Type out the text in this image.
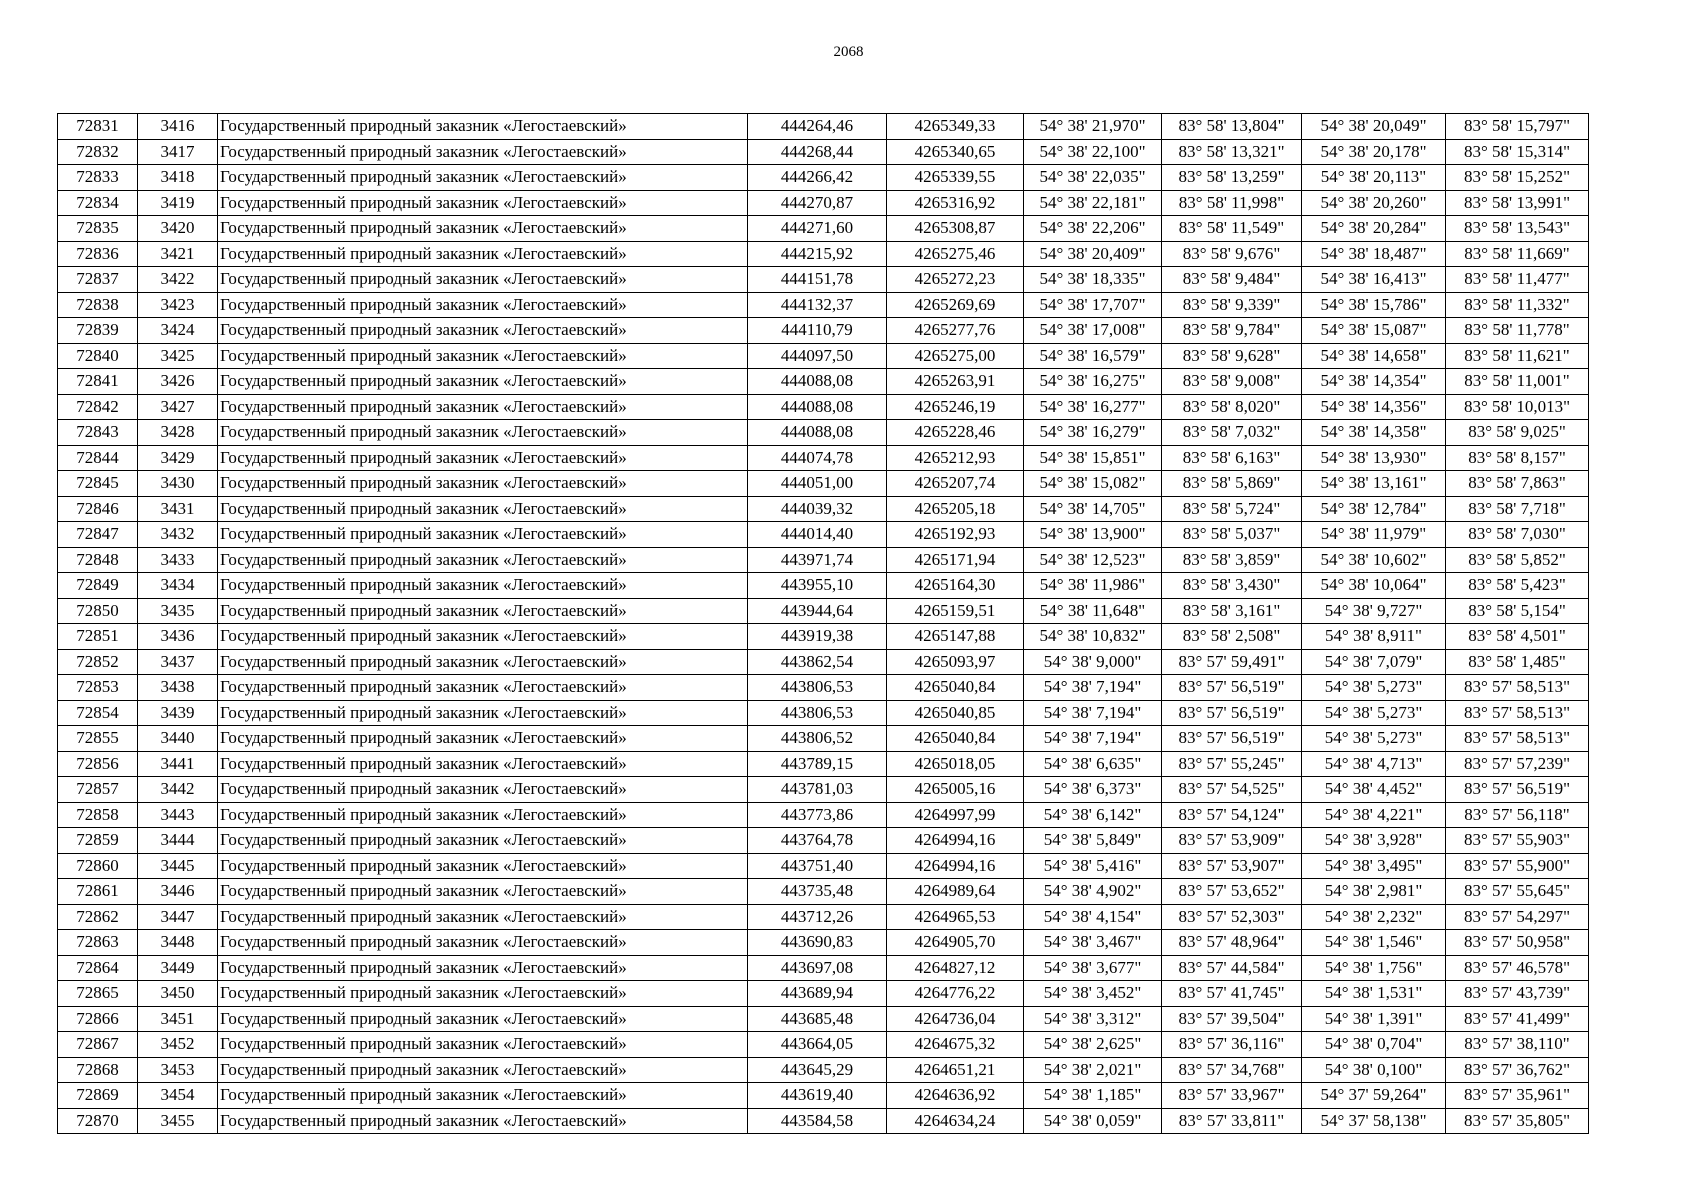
2068
72831	3416	Государственный природный заказник «Легостаевский»	444264,46	4265349,33	54° 38' 21,970"	83° 58' 13,804"	54° 38' 20,049"	83° 58' 15,797"
72832	3417	Государственный природный заказник «Легостаевский»	444268,44	4265340,65	54° 38' 22,100"	83° 58' 13,321"	54° 38' 20,178"	83° 58' 15,314"
72833	3418	Государственный природный заказник «Легостаевский»	444266,42	4265339,55	54° 38' 22,035"	83° 58' 13,259"	54° 38' 20,113"	83° 58' 15,252"
72834	3419	Государственный природный заказник «Легостаевский»	444270,87	4265316,92	54° 38' 22,181"	83° 58' 11,998"	54° 38' 20,260"	83° 58' 13,991"
72835	3420	Государственный природный заказник «Легостаевский»	444271,60	4265308,87	54° 38' 22,206"	83° 58' 11,549"	54° 38' 20,284"	83° 58' 13,543"
72836	3421	Государственный природный заказник «Легостаевский»	444215,92	4265275,46	54° 38' 20,409"	83° 58' 9,676"	54° 38' 18,487"	83° 58' 11,669"
72837	3422	Государственный природный заказник «Легостаевский»	444151,78	4265272,23	54° 38' 18,335"	83° 58' 9,484"	54° 38' 16,413"	83° 58' 11,477"
72838	3423	Государственный природный заказник «Легостаевский»	444132,37	4265269,69	54° 38' 17,707"	83° 58' 9,339"	54° 38' 15,786"	83° 58' 11,332"
72839	3424	Государственный природный заказник «Легостаевский»	444110,79	4265277,76	54° 38' 17,008"	83° 58' 9,784"	54° 38' 15,087"	83° 58' 11,778"
72840	3425	Государственный природный заказник «Легостаевский»	444097,50	4265275,00	54° 38' 16,579"	83° 58' 9,628"	54° 38' 14,658"	83° 58' 11,621"
72841	3426	Государственный природный заказник «Легостаевский»	444088,08	4265263,91	54° 38' 16,275"	83° 58' 9,008"	54° 38' 14,354"	83° 58' 11,001"
72842	3427	Государственный природный заказник «Легостаевский»	444088,08	4265246,19	54° 38' 16,277"	83° 58' 8,020"	54° 38' 14,356"	83° 58' 10,013"
72843	3428	Государственный природный заказник «Легостаевский»	444088,08	4265228,46	54° 38' 16,279"	83° 58' 7,032"	54° 38' 14,358"	83° 58' 9,025"
72844	3429	Государственный природный заказник «Легостаевский»	444074,78	4265212,93	54° 38' 15,851"	83° 58' 6,163"	54° 38' 13,930"	83° 58' 8,157"
72845	3430	Государственный природный заказник «Легостаевский»	444051,00	4265207,74	54° 38' 15,082"	83° 58' 5,869"	54° 38' 13,161"	83° 58' 7,863"
72846	3431	Государственный природный заказник «Легостаевский»	444039,32	4265205,18	54° 38' 14,705"	83° 58' 5,724"	54° 38' 12,784"	83° 58' 7,718"
72847	3432	Государственный природный заказник «Легостаевский»	444014,40	4265192,93	54° 38' 13,900"	83° 58' 5,037"	54° 38' 11,979"	83° 58' 7,030"
72848	3433	Государственный природный заказник «Легостаевский»	443971,74	4265171,94	54° 38' 12,523"	83° 58' 3,859"	54° 38' 10,602"	83° 58' 5,852"
72849	3434	Государственный природный заказник «Легостаевский»	443955,10	4265164,30	54° 38' 11,986"	83° 58' 3,430"	54° 38' 10,064"	83° 58' 5,423"
72850	3435	Государственный природный заказник «Легостаевский»	443944,64	4265159,51	54° 38' 11,648"	83° 58' 3,161"	54° 38' 9,727"	83° 58' 5,154"
72851	3436	Государственный природный заказник «Легостаевский»	443919,38	4265147,88	54° 38' 10,832"	83° 58' 2,508"	54° 38' 8,911"	83° 58' 4,501"
72852	3437	Государственный природный заказник «Легостаевский»	443862,54	4265093,97	54° 38' 9,000"	83° 57' 59,491"	54° 38' 7,079"	83° 58' 1,485"
72853	3438	Государственный природный заказник «Легостаевский»	443806,53	4265040,84	54° 38' 7,194"	83° 57' 56,519"	54° 38' 5,273"	83° 57' 58,513"
72854	3439	Государственный природный заказник «Легостаевский»	443806,53	4265040,85	54° 38' 7,194"	83° 57' 56,519"	54° 38' 5,273"	83° 57' 58,513"
72855	3440	Государственный природный заказник «Легостаевский»	443806,52	4265040,84	54° 38' 7,194"	83° 57' 56,519"	54° 38' 5,273"	83° 57' 58,513"
72856	3441	Государственный природный заказник «Легостаевский»	443789,15	4265018,05	54° 38' 6,635"	83° 57' 55,245"	54° 38' 4,713"	83° 57' 57,239"
72857	3442	Государственный природный заказник «Легостаевский»	443781,03	4265005,16	54° 38' 6,373"	83° 57' 54,525"	54° 38' 4,452"	83° 57' 56,519"
72858	3443	Государственный природный заказник «Легостаевский»	443773,86	4264997,99	54° 38' 6,142"	83° 57' 54,124"	54° 38' 4,221"	83° 57' 56,118"
72859	3444	Государственный природный заказник «Легостаевский»	443764,78	4264994,16	54° 38' 5,849"	83° 57' 53,909"	54° 38' 3,928"	83° 57' 55,903"
72860	3445	Государственный природный заказник «Легостаевский»	443751,40	4264994,16	54° 38' 5,416"	83° 57' 53,907"	54° 38' 3,495"	83° 57' 55,900"
72861	3446	Государственный природный заказник «Легостаевский»	443735,48	4264989,64	54° 38' 4,902"	83° 57' 53,652"	54° 38' 2,981"	83° 57' 55,645"
72862	3447	Государственный природный заказник «Легостаевский»	443712,26	4264965,53	54° 38' 4,154"	83° 57' 52,303"	54° 38' 2,232"	83° 57' 54,297"
72863	3448	Государственный природный заказник «Легостаевский»	443690,83	4264905,70	54° 38' 3,467"	83° 57' 48,964"	54° 38' 1,546"	83° 57' 50,958"
72864	3449	Государственный природный заказник «Легостаевский»	443697,08	4264827,12	54° 38' 3,677"	83° 57' 44,584"	54° 38' 1,756"	83° 57' 46,578"
72865	3450	Государственный природный заказник «Легостаевский»	443689,94	4264776,22	54° 38' 3,452"	83° 57' 41,745"	54° 38' 1,531"	83° 57' 43,739"
72866	3451	Государственный природный заказник «Легостаевский»	443685,48	4264736,04	54° 38' 3,312"	83° 57' 39,504"	54° 38' 1,391"	83° 57' 41,499"
72867	3452	Государственный природный заказник «Легостаевский»	443664,05	4264675,32	54° 38' 2,625"	83° 57' 36,116"	54° 38' 0,704"	83° 57' 38,110"
72868	3453	Государственный природный заказник «Легостаевский»	443645,29	4264651,21	54° 38' 2,021"	83° 57' 34,768"	54° 38' 0,100"	83° 57' 36,762"
72869	3454	Государственный природный заказник «Легостаевский»	443619,40	4264636,92	54° 38' 1,185"	83° 57' 33,967"	54° 37' 59,264"	83° 57' 35,961"
72870	3455	Государственный природный заказник «Легостаевский»	443584,58	4264634,24	54° 38' 0,059"	83° 57' 33,811"	54° 37' 58,138"	83° 57' 35,805"
